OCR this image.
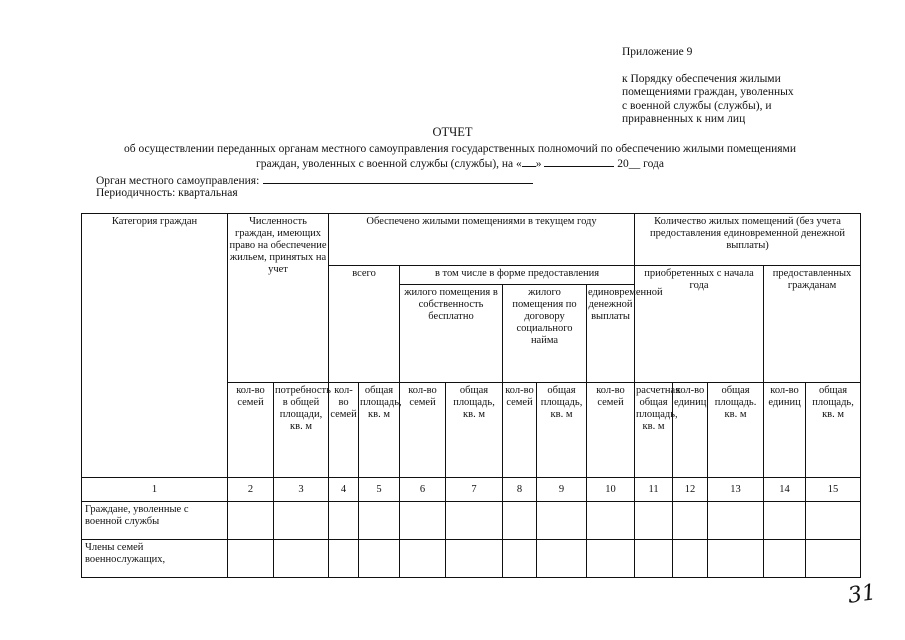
Приложение 9
к Порядку обеспечения жилыми
помещениями граждан, уволенных
с военной службы (службы), и
приравненных к ним лиц
ОТЧЕТ
об осуществлении переданных органам местного самоуправления государственных полномочий по обеспечению жилыми помещениями
граждан, уволенных с военной службы (службы), на « »	20__ года
Орган местного самоуправления:
Периодичность: квартальная
Категория граждан	Численность граждан, имеющих право на обеспечение жильем, принятых на учет		Обеспечено жилыми помещениями в текущем году							Количество жилых помещений (без учета предоставления единовременной денежной выплаты)				
			всего		в том числе в форме предоставления					приобретенных с начала года			предоставленных гражданам	
					жилого помещения в собственность бесплатно		жилого помещения по договору социального найма		единовременной денежной выплаты					
	кол-во семей	потребность в общей площади, кв. м	кол-во семей	общая площадь, кв. м	кол-во семей	общая площадь, кв. м	кол-во семей	общая площадь, кв. м	кол-во семей	расчетная общая площадь, кв. м	кол-во единиц	общая площадь. кв. м	кол-во единиц	общая площадь, кв. м
1	2	3	4	5	6	7	8	9	10	11	12	13	14	15
Граждане, уволенные с военной службы														
Члены семей военнослужащих,														
31
